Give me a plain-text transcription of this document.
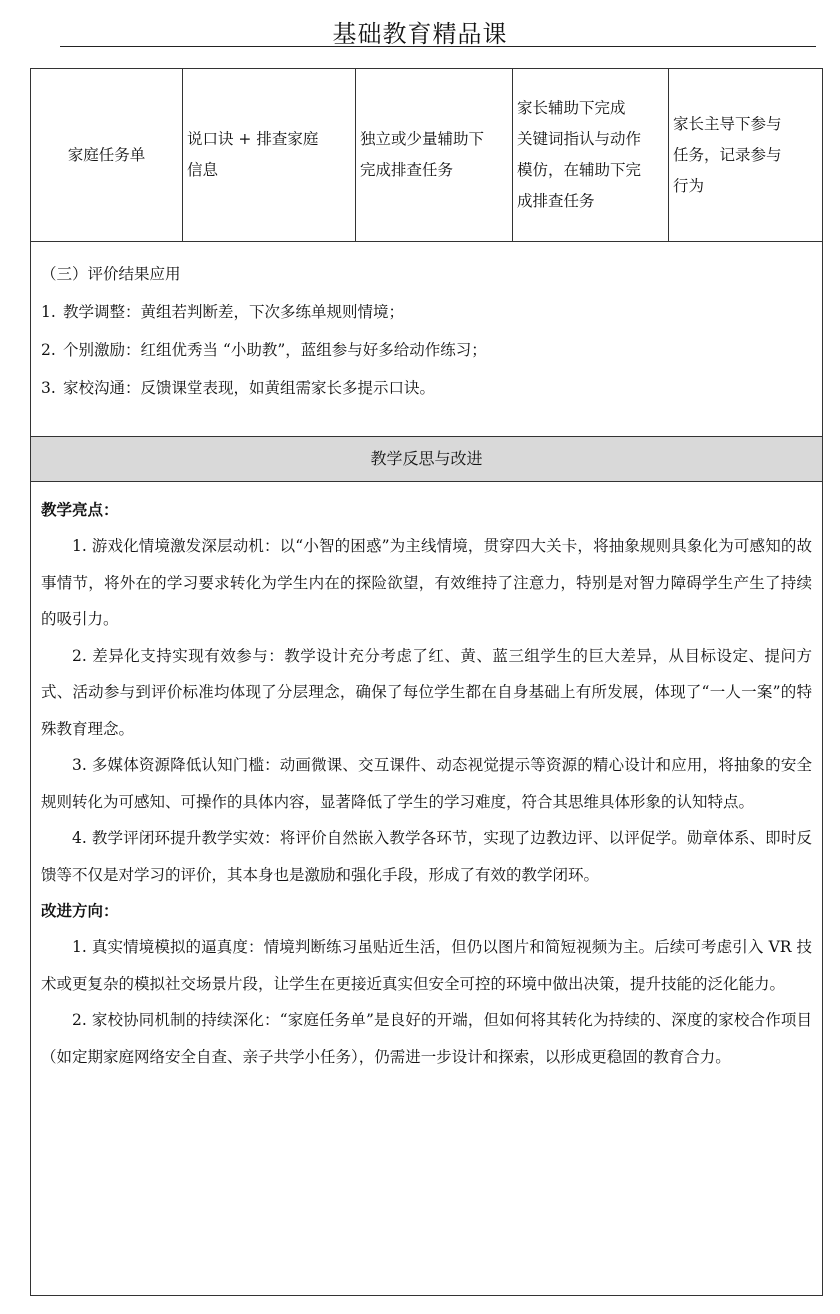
基础教育精品课
家庭任务单
说口诀 + 排查家庭
信息
独立或少量辅助下
完成排查任务
家长辅助下完成
关键词指认与动作
模仿，在辅助下完
成排查任务
家长主导下参与
任务，记录参与
行为
（三）评价结果应用
1. 教学调整：黄组若判断差，下次多练单规则情境；
2. 个别激励：红组优秀当 “小助教”，蓝组参与好多给动作练习；
3. 家校沟通：反馈课堂表现，如黄组需家长多提示口诀。
教学反思与改进
教学亮点：

1. 游戏化情境激发深层动机：以“小智的困惑”为主线情境，贯穿四大关卡，将抽象规则具象化为可感知的故事情节，将外在的学习要求转化为学生内在的探险欲望，有效维持了注意力，特别是对智力障碍学生产生了持续的吸引力。

2. 差异化支持实现有效参与：教学设计充分考虑了红、黄、蓝三组学生的巨大差异，从目标设定、提问方式、活动参与到评价标准均体现了分层理念，确保了每位学生都在自身基础上有所发展，体现了“一人一案”的特殊教育理念。

3. 多媒体资源降低认知门槛：动画微课、交互课件、动态视觉提示等资源的精心设计和应用，将抽象的安全规则转化为可感知、可操作的具体内容，显著降低了学生的学习难度，符合其思维具体形象的认知特点。

4. 教学评闭环提升教学实效：将评价自然嵌入教学各环节，实现了边教边评、以评促学。勋章体系、即时反馈等不仅是对学习的评价，其本身也是激励和强化手段，形成了有效的教学闭环。

改进方向：

1. 真实情境模拟的逼真度：情境判断练习虽贴近生活，但仍以图片和简短视频为主。后续可考虑引入 VR 技术或更复杂的模拟社交场景片段，让学生在更接近真实但安全可控的环境中做出决策，提升技能的泛化能力。

2. 家校协同机制的持续深化：“家庭任务单”是良好的开端，但如何将其转化为持续的、深度的家校合作项目（如定期家庭网络安全自查、亲子共学小任务），仍需进一步设计和探索，以形成更稳固的教育合力。
